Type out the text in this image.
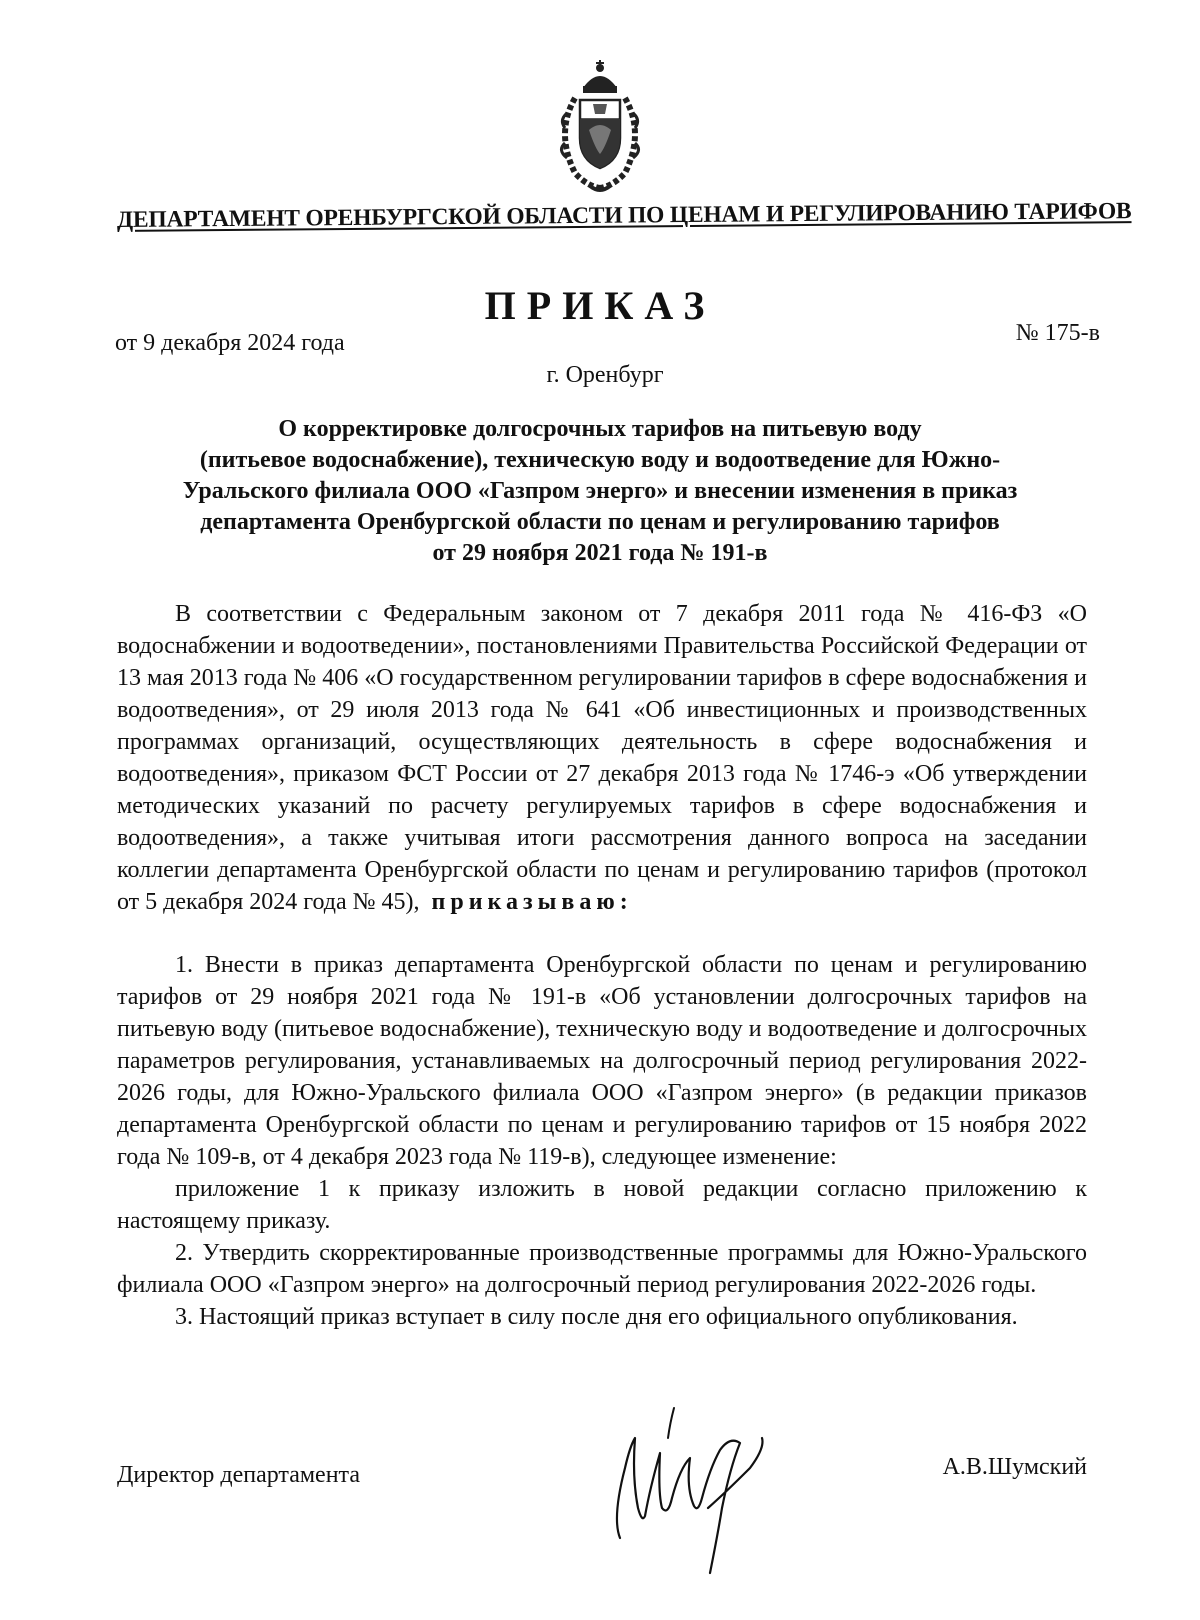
ДЕПАРТАМЕНТ ОРЕНБУРГСКОЙ ОБЛАСТИ ПО ЦЕНАМ И РЕГУЛИРОВАНИЮ ТАРИФОВ
ПРИКАЗ
от 9 декабря 2024 года	№ 175-в
г. Оренбург
О корректировке долгосрочных тарифов на питьевую воду
(питьевое водоснабжение), техническую воду и водоотведение для Южно-
Уральского филиала ООО «Газпром энерго» и внесении изменения в приказ
департамента Оренбургской области по ценам и регулированию тарифов
от 29 ноября 2021 года № 191-в

В соответствии с Федеральным законом от 7 декабря 2011 года № 416-ФЗ «О водоснабжении и водоотведении», постановлениями Правительства Российской Федерации от 13 мая 2013 года № 406 «О государственном регулировании тарифов в сфере водоснабжения и водоотведения», от 29 июля 2013 года № 641 «Об инвестиционных и производственных программах организаций, осуществляющих деятельность в сфере водоснабжения и водоотведения», приказом ФСТ России от 27 декабря 2013 года № 1746-э «Об утверждении методических указаний по расчету регулируемых тарифов в сфере водоснабжения и водоотведения», а также учитывая итоги рассмотрения данного вопроса на заседании коллегии департамента Оренбургской области по ценам и регулированию тарифов (протокол от 5 декабря 2024 года № 45), приказываю:

1. Внести в приказ департамента Оренбургской области по ценам и регулированию тарифов от 29 ноября 2021 года № 191-в «Об установлении долгосрочных тарифов на питьевую воду (питьевое водоснабжение), техническую воду и водоотведение и долгосрочных параметров регулирования, устанавливаемых на долгосрочный период регулирования 2022-2026 годы, для Южно-Уральского филиала ООО «Газпром энерго» (в редакции приказов департамента Оренбургской области по ценам и регулированию тарифов от 15 ноября 2022 года № 109-в, от 4 декабря 2023 года № 119-в), следующее изменение:

приложение 1 к приказу изложить в новой редакции согласно приложению к настоящему приказу.

2. Утвердить скорректированные производственные программы для Южно-Уральского филиала ООО «Газпром энерго» на долгосрочный период регулирования 2022-2026 годы.

3. Настоящий приказ вступает в силу после дня его официального опубликования.

Директор департамента	А.В.Шумский
